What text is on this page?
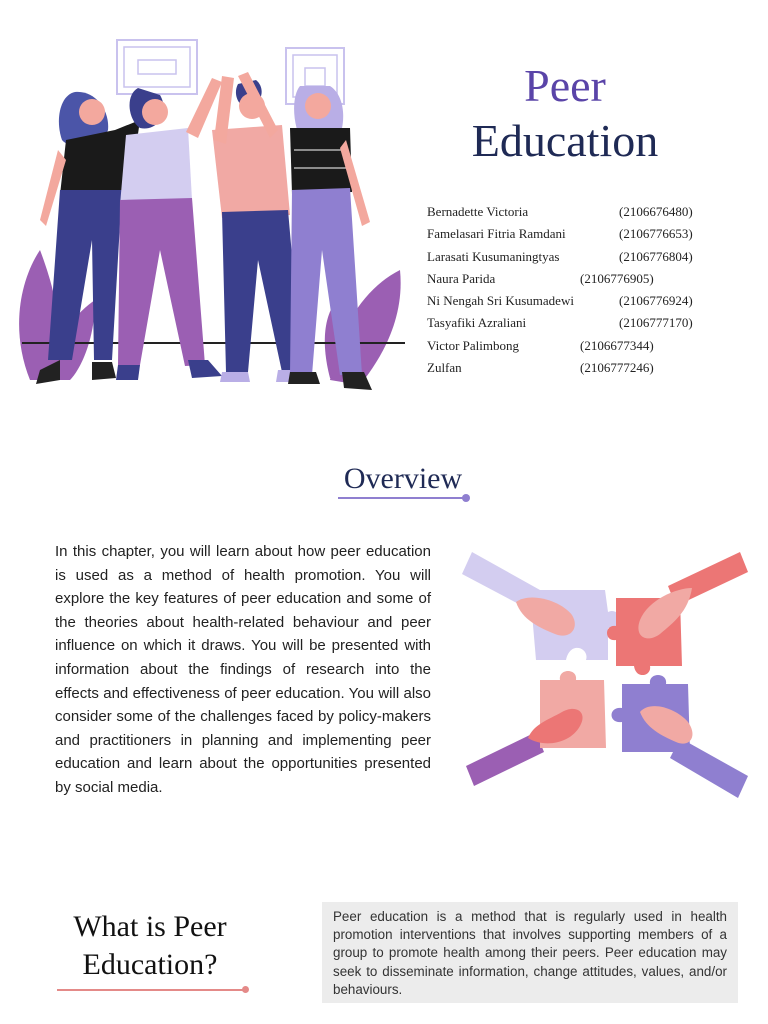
Peer
Education
Bernadette Victoria	(2106676480)
Famelasari Fitria Ramdani	(2106776653)
Larasati Kusumaningtyas	(2106776804)
Naura Parida	(2106776905)
Ni Nengah Sri Kusumadewi	(2106776924)
Tasyafiki Azraliani	(2106777170)
Victor Palimbong	(2106677344)
Zulfan	(2106777246)
Overview

In this chapter, you will learn about how peer education is used as a method of health promotion. You will explore the key features of peer education and some of the theories about health-related behaviour and peer influence on which it draws. You will be presented with information about the findings of research into the effects and effectiveness of peer education. You will also consider some of the challenges faced by policy-makers and practitioners in planning and implementing peer education and learn about the opportunities presented by social media.

What is Peer
Education?

Peer education is a method that is regularly used in health promotion interventions that involves supporting members of a group to promote health among their peers. Peer education may seek to disseminate information, change attitudes, values, and/or behaviours.
